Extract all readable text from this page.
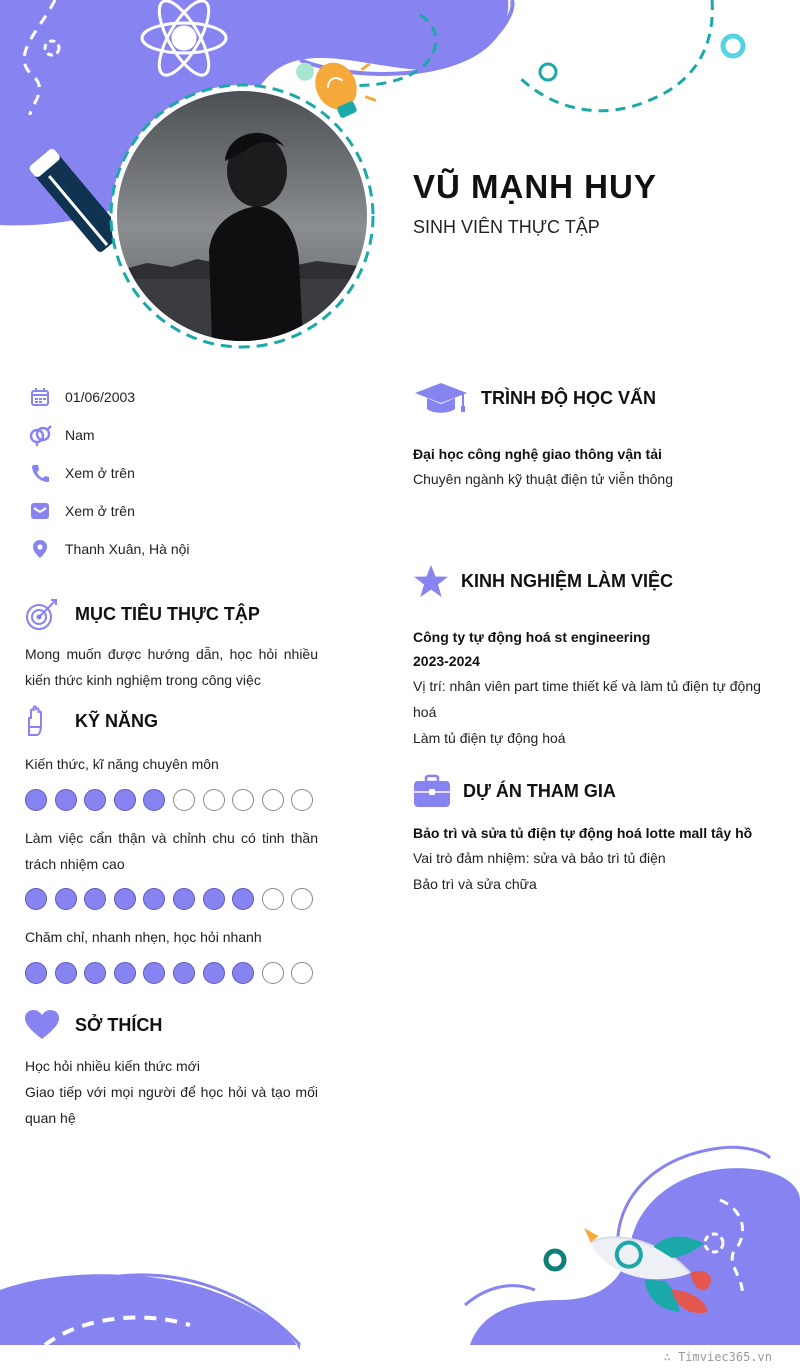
VŨ MẠNH HUY
SINH VIÊN THỰC TẬP
01/06/2003
Nam
Xem ở trên
Xem ở trên
Thanh Xuân, Hà nội
MỤC TIÊU THỰC TẬP
Mong muốn được hướng dẫn, học hỏi nhiều kiến thức kinh nghiệm trong công việc
KỸ NĂNG
Kiến thức, kĩ năng chuyên môn
Làm việc cẩn thận và chỉnh chu có tinh thần trách nhiệm cao
Chăm chỉ, nhanh nhẹn, học hỏi nhanh
SỞ THÍCH
Học hỏi nhiều kiến thức mới
Giao tiếp với mọi người để học hỏi và tạo mối quan hệ
TRÌNH ĐỘ HỌC VẤN
Đại học công nghệ giao thông vận tải
Chuyên ngành kỹ thuật điện tử viễn thông
KINH NGHIỆM LÀM VIỆC
Công ty tự động hoá st engineering
2023-2024
Vị trí: nhân viên part time thiết kế và làm tủ điện tự động hoá
Làm tủ điện tự động hoá
DỰ ÁN THAM GIA
Bảo trì và sửa tủ điện tự động hoá lotte mall tây hồ
Vai trò đảm nhiệm: sửa và bảo trì tủ điện
Bảo trì và sửa chữa
∴ Timviec365.vn
